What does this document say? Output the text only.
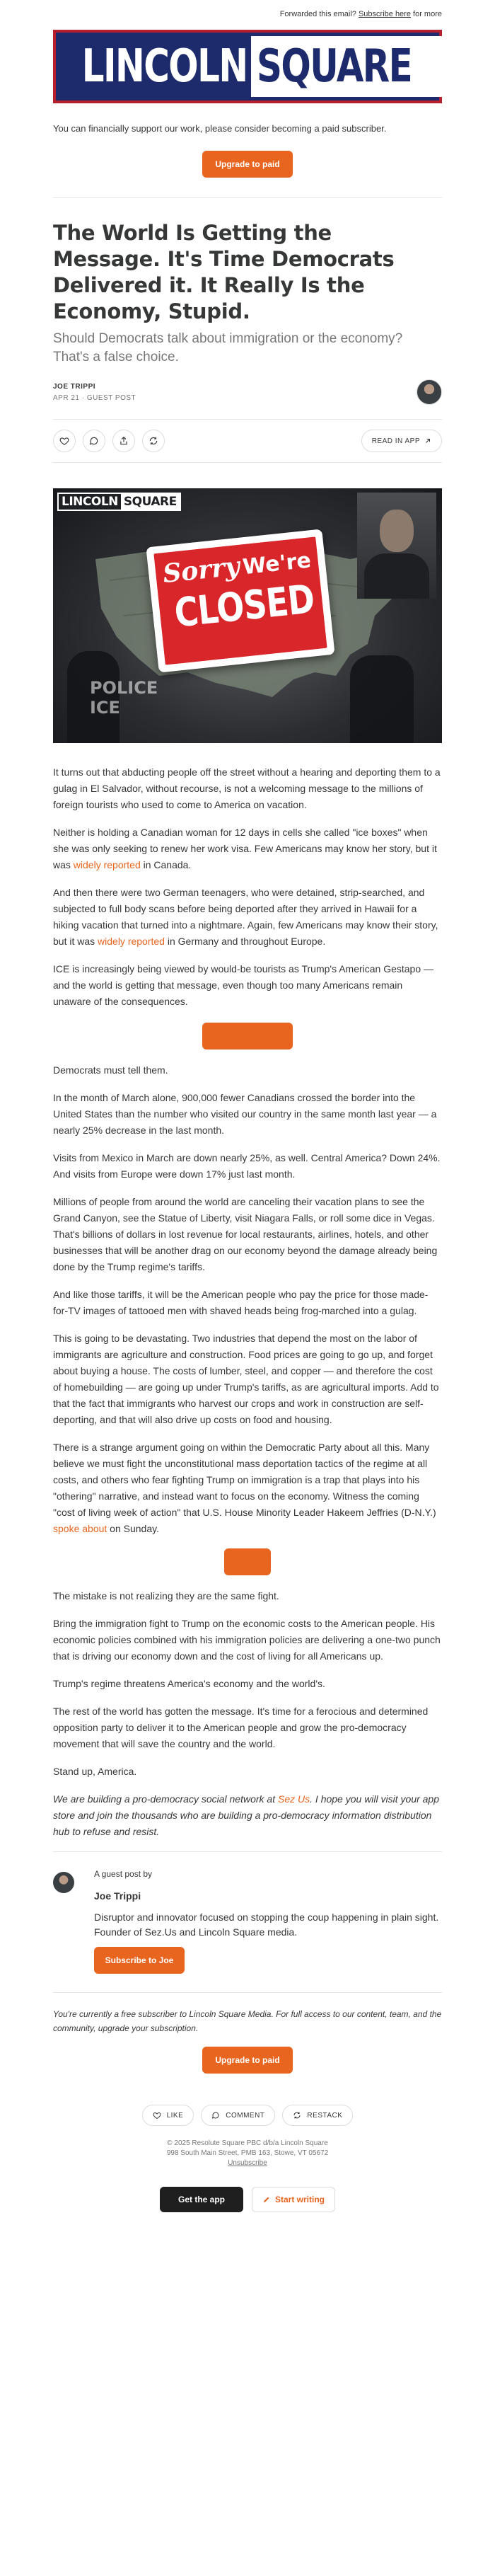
Forwarded this email? Subscribe here for more
LINCOLN SQUARE

You can financially support our work, please consider becoming a paid subscriber.

Upgrade to paid
The World Is Getting the Message. It's Time Democrats Delivered it. It Really Is the Economy, Stupid.

Should Democrats talk about immigration or the economy? That's a false choice.

JOE TRIPPI
APR 21 · GUEST POST
READ IN APP
LINCOLN SQUARE
Sorry We're
CLOSED
POLICE
ICE

It turns out that abducting people off the street without a hearing and deporting them to a gulag in El Salvador, without recourse, is not a welcoming message to the millions of foreign tourists who used to come to America on vacation.

Neither is holding a Canadian woman for 12 days in cells she called "ice boxes" when she was only seeking to renew her work visa. Few Americans may know her story, but it was widely reported in Canada.

And then there were two German teenagers, who were detained, strip-searched, and subjected to full body scans before being deported after they arrived in Hawaii for a hiking vacation that turned into a nightmare. Again, few Americans may know their story, but it was widely reported in Germany and throughout Europe.

ICE is increasingly being viewed by would-be tourists as Trump's American Gestapo — and the world is getting that message, even though too many Americans remain unaware of the consequences.

Upgrade to paid

Democrats must tell them.

In the month of March alone, 900,000 fewer Canadians crossed the border into the United States than the number who visited our country in the same month last year — a nearly 25% decrease in the last month.

Visits from Mexico in March are down nearly 25%, as well. Central America? Down 24%. And visits from Europe were down 17% just last month.

Millions of people from around the world are canceling their vacation plans to see the Grand Canyon, see the Statue of Liberty, visit Niagara Falls, or roll some dice in Vegas. That's billions of dollars in lost revenue for local restaurants, airlines, hotels, and other businesses that will be another drag on our economy beyond the damage already being done by the Trump regime's tariffs.

And like those tariffs, it will be the American people who pay the price for those made-for-TV images of tattooed men with shaved heads being frog-marched into a gulag.

This is going to be devastating. Two industries that depend the most on the labor of immigrants are agriculture and construction. Food prices are going to go up, and forget about buying a house. The costs of lumber, steel, and copper — and therefore the cost of homebuilding — are going up under Trump's tariffs, as are agricultural imports. Add to that the fact that immigrants who harvest our crops and work in construction are self-deporting, and that will also drive up costs on food and housing.

There is a strange argument going on within the Democratic Party about all this. Many believe we must fight the unconstitutional mass deportation tactics of the regime at all costs, and others who fear fighting Trump on immigration is a trap that plays into his "othering" narrative, and instead want to focus on the economy. Witness the coming "cost of living week of action" that U.S. House Minority Leader Hakeem Jeffries (D-N.Y.) spoke about on Sunday.

Share

The mistake is not realizing they are the same fight.

Bring the immigration fight to Trump on the economic costs to the American people. His economic policies combined with his immigration policies are delivering a one-two punch that is driving our economy down and the cost of living for all Americans up.

Trump's regime threatens America's economy and the world's.

The rest of the world has gotten the message. It's time for a ferocious and determined opposition party to deliver it to the American people and grow the pro-democracy movement that will save the country and the world.

Stand up, America.

We are building a pro-democracy social network at Sez Us. I hope you will visit your app store and join the thousands who are building a pro-democracy information distribution hub to refuse and resist.

A guest post by
Joe Trippi
Disruptor and innovator focused on stopping the coup happening in plain sight. Founder of Sez.Us and Lincoln Square media.
Subscribe to Joe

You're currently a free subscriber to Lincoln Square Media. For full access to our content, team, and the community, upgrade your subscription.

Upgrade to paid
LIKE	COMMENT	RESTACK
© 2025 Resolute Square PBC d/b/a Lincoln Square
998 South Main Street, PMB 163, Stowe, VT 05672
Unsubscribe
Get the app	Start writing
